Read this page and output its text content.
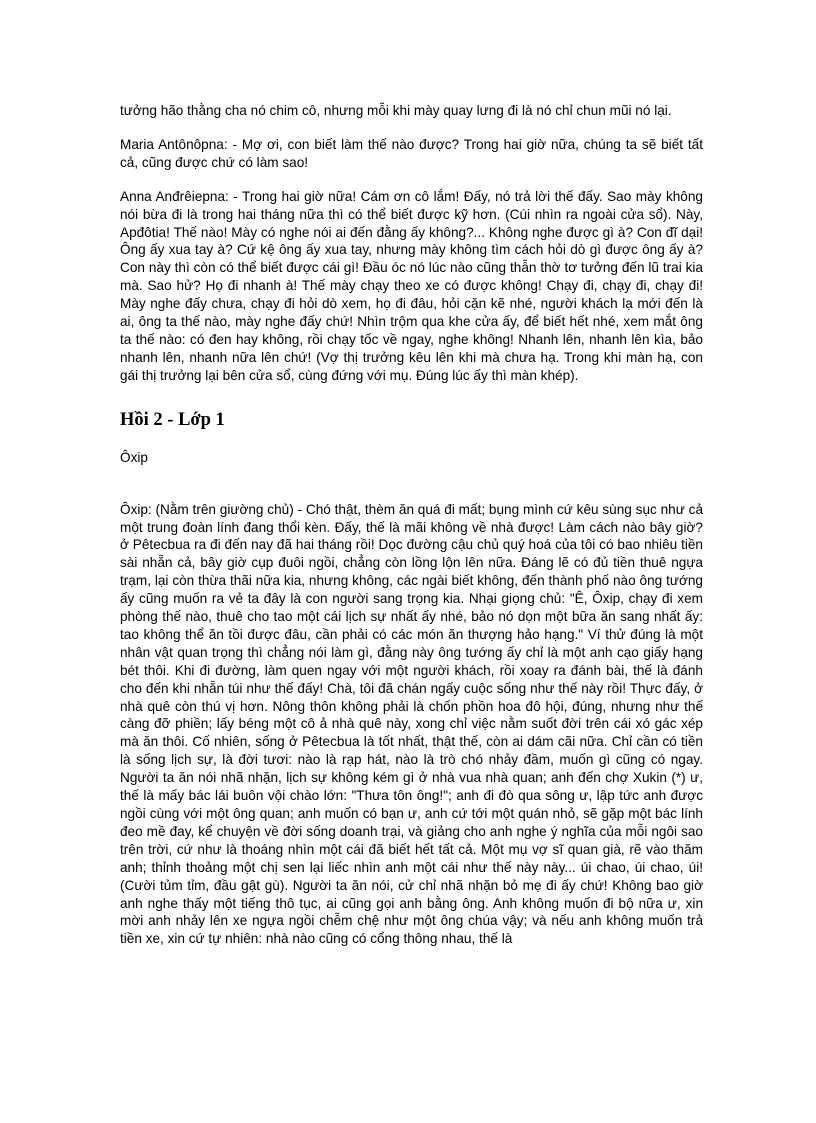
tưởng hão thằng cha nó chim cô, nhưng mỗi khi mày quay lưng đi là nó chỉ chun mũi nó lại.

Maria Antônôpna: - Mợ ơi, con biết làm thế nào được? Trong hai giờ nữa, chúng ta sẽ biết tất cả, cũng được chứ có làm sao!

Anna Anđrêiepna: - Trong hai giờ nữa! Cám ơn cô lắm! Đấy, nó trả lời thế đấy. Sao mày không nói bừa đi là trong hai tháng nữa thì có thể biết được kỹ hơn. (Cúi nhìn ra ngoài cửa sổ). Này, Apđôtia! Thế nào! Mày có nghe nói ai đến đằng ấy không?... Không nghe được gì à? Con đĩ dại! Ông ấy xua tay à? Cứ kệ ông ấy xua tay, nhưng mày không tìm cách hỏi dò gì được ông ấy à? Con này thì còn có thể biết được cái gì! Đầu óc nó lúc nào cũng thẫn thờ tơ tưởng đến lũ trai kia mà. Sao hử? Họ đi nhanh à! Thế mày chạy theo xe có được không! Chạy đi, chạy đi, chạy đi! Mày nghe đấy chưa, chạy đi hỏi dò xem, họ đi đâu, hỏi cặn kẽ nhé, người khách lạ mới đến là ai, ông ta thế nào, mày nghe đấy chứ! Nhìn trộm qua khe cửa ấy, để biết hết nhé, xem mắt ông ta thế nào: có đen hay không, rồi chạy tốc về ngay, nghe không! Nhanh lên, nhanh lên kìa, bảo nhanh lên, nhanh nữa lên chứ! (Vợ thị trưởng kêu lên khi mà chưa hạ. Trong khi màn hạ, con gái thị trưởng lại bên cửa sổ, cùng đứng với mụ. Đúng lúc ấy thì màn khép).

Hồi 2 - Lớp 1

Ôxip

Ôxip: (Nằm trên giường chủ) - Chó thật, thèm ăn quá đi mất; bụng mình cứ kêu sùng sục như cả một trung đoàn lính đang thổi kèn. Đấy, thế là mãi không về nhà được! Làm cách nào bây giờ? ở Pêtecbua ra đi đến nay đã hai tháng rồi! Dọc đường cậu chủ quý hoá của tôi có bao nhiêu tiền sài nhẵn cả, bây giờ cụp đuôi ngồi, chẳng còn lồng lộn lên nữa. Đáng lẽ có đủ tiền thuê ngựa trạm, lại còn thừa thãi nữa kia, nhưng không, các ngài biết không, đến thành phố nào ông tướng ấy cũng muốn ra vẻ ta đây là con người sang trọng kia. Nhại giọng chủ: "Ê, Ôxip, chạy đi xem phòng thế nào, thuê cho tao một cái lịch sự nhất ấy nhé, bảo nó dọn một bữa ăn sang nhất ấy: tao không thể ăn tồi được đâu, cần phải có các món ăn thượng hảo hạng." Ví thử đúng là một nhân vật quan trọng thì chẳng nói làm gì, đằng này ông tướng ấy chỉ là một anh cạo giấy hạng bét thôi. Khi đi đường, làm quen ngay với một người khách, rồi xoay ra đánh bài, thế là đánh cho đến khi nhẵn túi như thế đấy! Chà, tôi đã chán ngấy cuộc sống như thế này rồi! Thực đấy, ở nhà quê còn thú vị hơn. Nông thôn không phải là chốn phồn hoa đô hội, đúng, nhưng như thế càng đỡ phiền; lấy béng một cô ả nhà quê này, xong chỉ việc nằm suốt đời trên cái xó gác xép mà ăn thôi. Cố nhiên, sống ở Pêtecbua là tốt nhất, thật thế, còn ai dám cãi nữa. Chỉ cần có tiền là sống lịch sự, là đời tươi: nào là rạp hát, nào là trò chó nhảy đầm, muốn gì cũng có ngay. Người ta ăn nói nhã nhặn, lịch sự không kém gì ở nhà vua nhà quan; anh đến chợ Xukin (*) ư, thế là mấy bác lái buôn vội chào lớn: "Thưa tôn ông!"; anh đi đò qua sông ư, lập tức anh được ngồi cùng với một ông quan; anh muốn có bạn ư, anh cứ tới một quán nhỏ, sẽ gặp một bác lính đeo mề đay, kể chuyện về đời sống doanh trại, và giảng cho anh nghe ý nghĩa của mỗi ngôi sao trên trời, cứ như là thoáng nhìn một cái đã biết hết tất cả. Một mụ vợ sĩ quan già, rẽ vào thăm anh; thỉnh thoảng một chị sen lại liếc nhìn anh một cái như thế này này... úi chao, úi chao, úi! (Cười tủm tỉm, đầu gật gù). Người ta ăn nói, cử chỉ nhã nhặn bỏ mẹ đi ấy chứ! Không bao giờ anh nghe thấy một tiếng thô tục, ai cũng gọi anh bằng ông. Anh không muốn đi bộ nữa ư, xin mời anh nhảy lên xe ngựa ngồi chễm chệ như một ông chúa vậy; và nếu anh không muốn trả tiền xe, xin cứ tự nhiên: nhà nào cũng có cổng thông nhau, thế là
